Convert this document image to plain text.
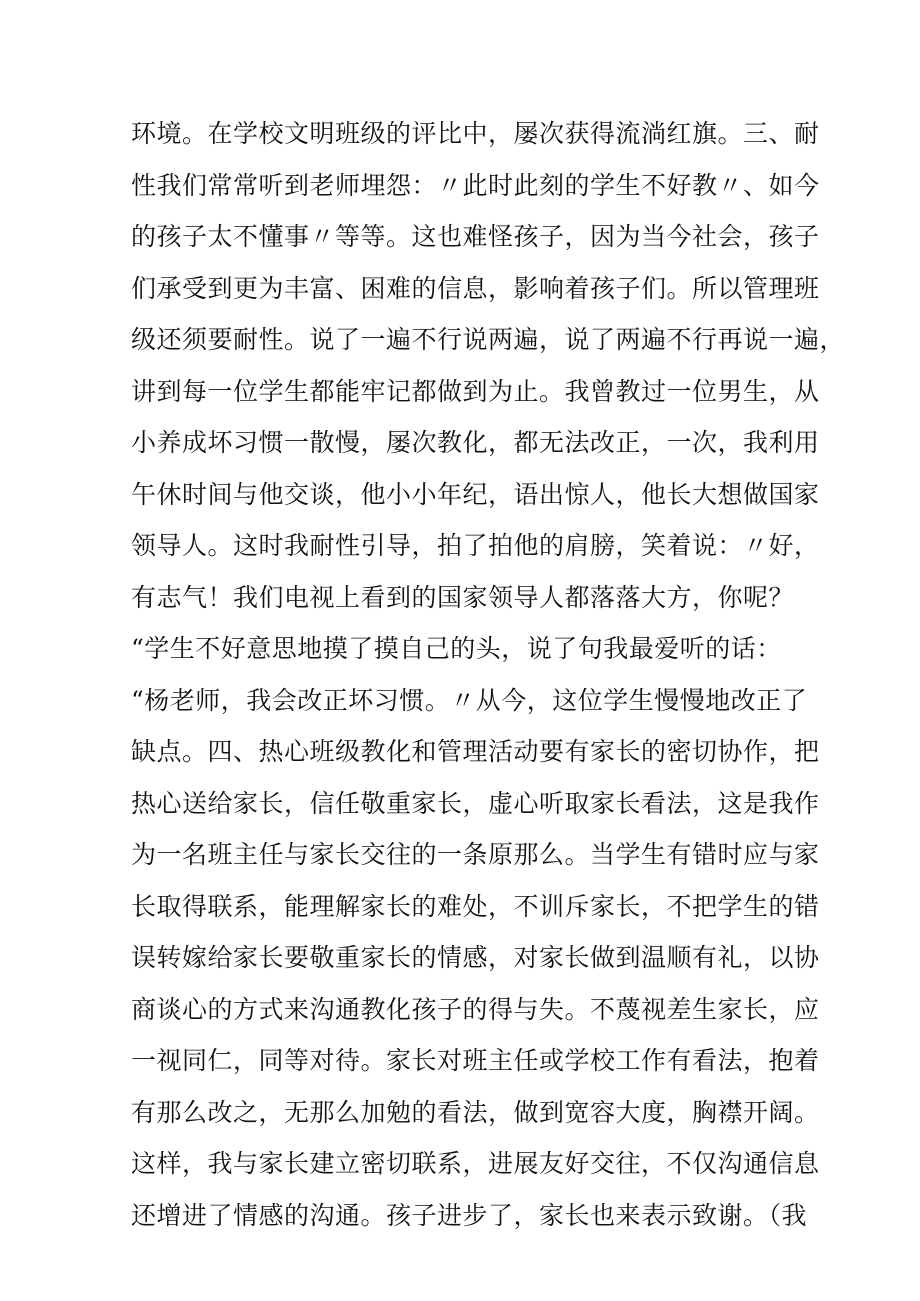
环境。在学校文明班级的评比中，屡次获得流淌红旗。三、耐
性我们常常听到老师埋怨：〃此时此刻的学生不好教〃、如今
的孩子太不懂事〃等等。这也难怪孩子，因为当今社会，孩子
们承受到更为丰富、困难的信息，影响着孩子们。所以管理班
级还须要耐性。说了一遍不行说两遍，说了两遍不行再说一遍，
讲到每一位学生都能牢记都做到为止。我曾教过一位男生，从
小养成坏习惯一散慢，屡次教化，都无法改正，一次，我利用
午休时间与他交谈，他小小年纪，语出惊人，他长大想做国家
领导人。这时我耐性引导，拍了拍他的肩膀，笑着说：〃好，
有志气！我们电视上看到的国家领导人都落落大方，你呢？
“学生不好意思地摸了摸自己的头，说了句我最爱听的话：
“杨老师，我会改正坏习惯。〃从今，这位学生慢慢地改正了
缺点。四、热心班级教化和管理活动要有家长的密切协作，把
热心送给家长，信任敬重家长，虚心听取家长看法，这是我作
为一名班主任与家长交往的一条原那么。当学生有错时应与家
长取得联系，能理解家长的难处，不训斥家长，不把学生的错
误转嫁给家长要敬重家长的情感，对家长做到温顺有礼，以协
商谈心的方式来沟通教化孩子的得与失。不蔑视差生家长，应
一视同仁，同等对待。家长对班主任或学校工作有看法，抱着
有那么改之，无那么加勉的看法，做到宽容大度，胸襟开阔。
这样，我与家长建立密切联系，进展友好交往，不仅沟通信息
还增进了情感的沟通。孩子进步了，家长也来表示致谢。（我
